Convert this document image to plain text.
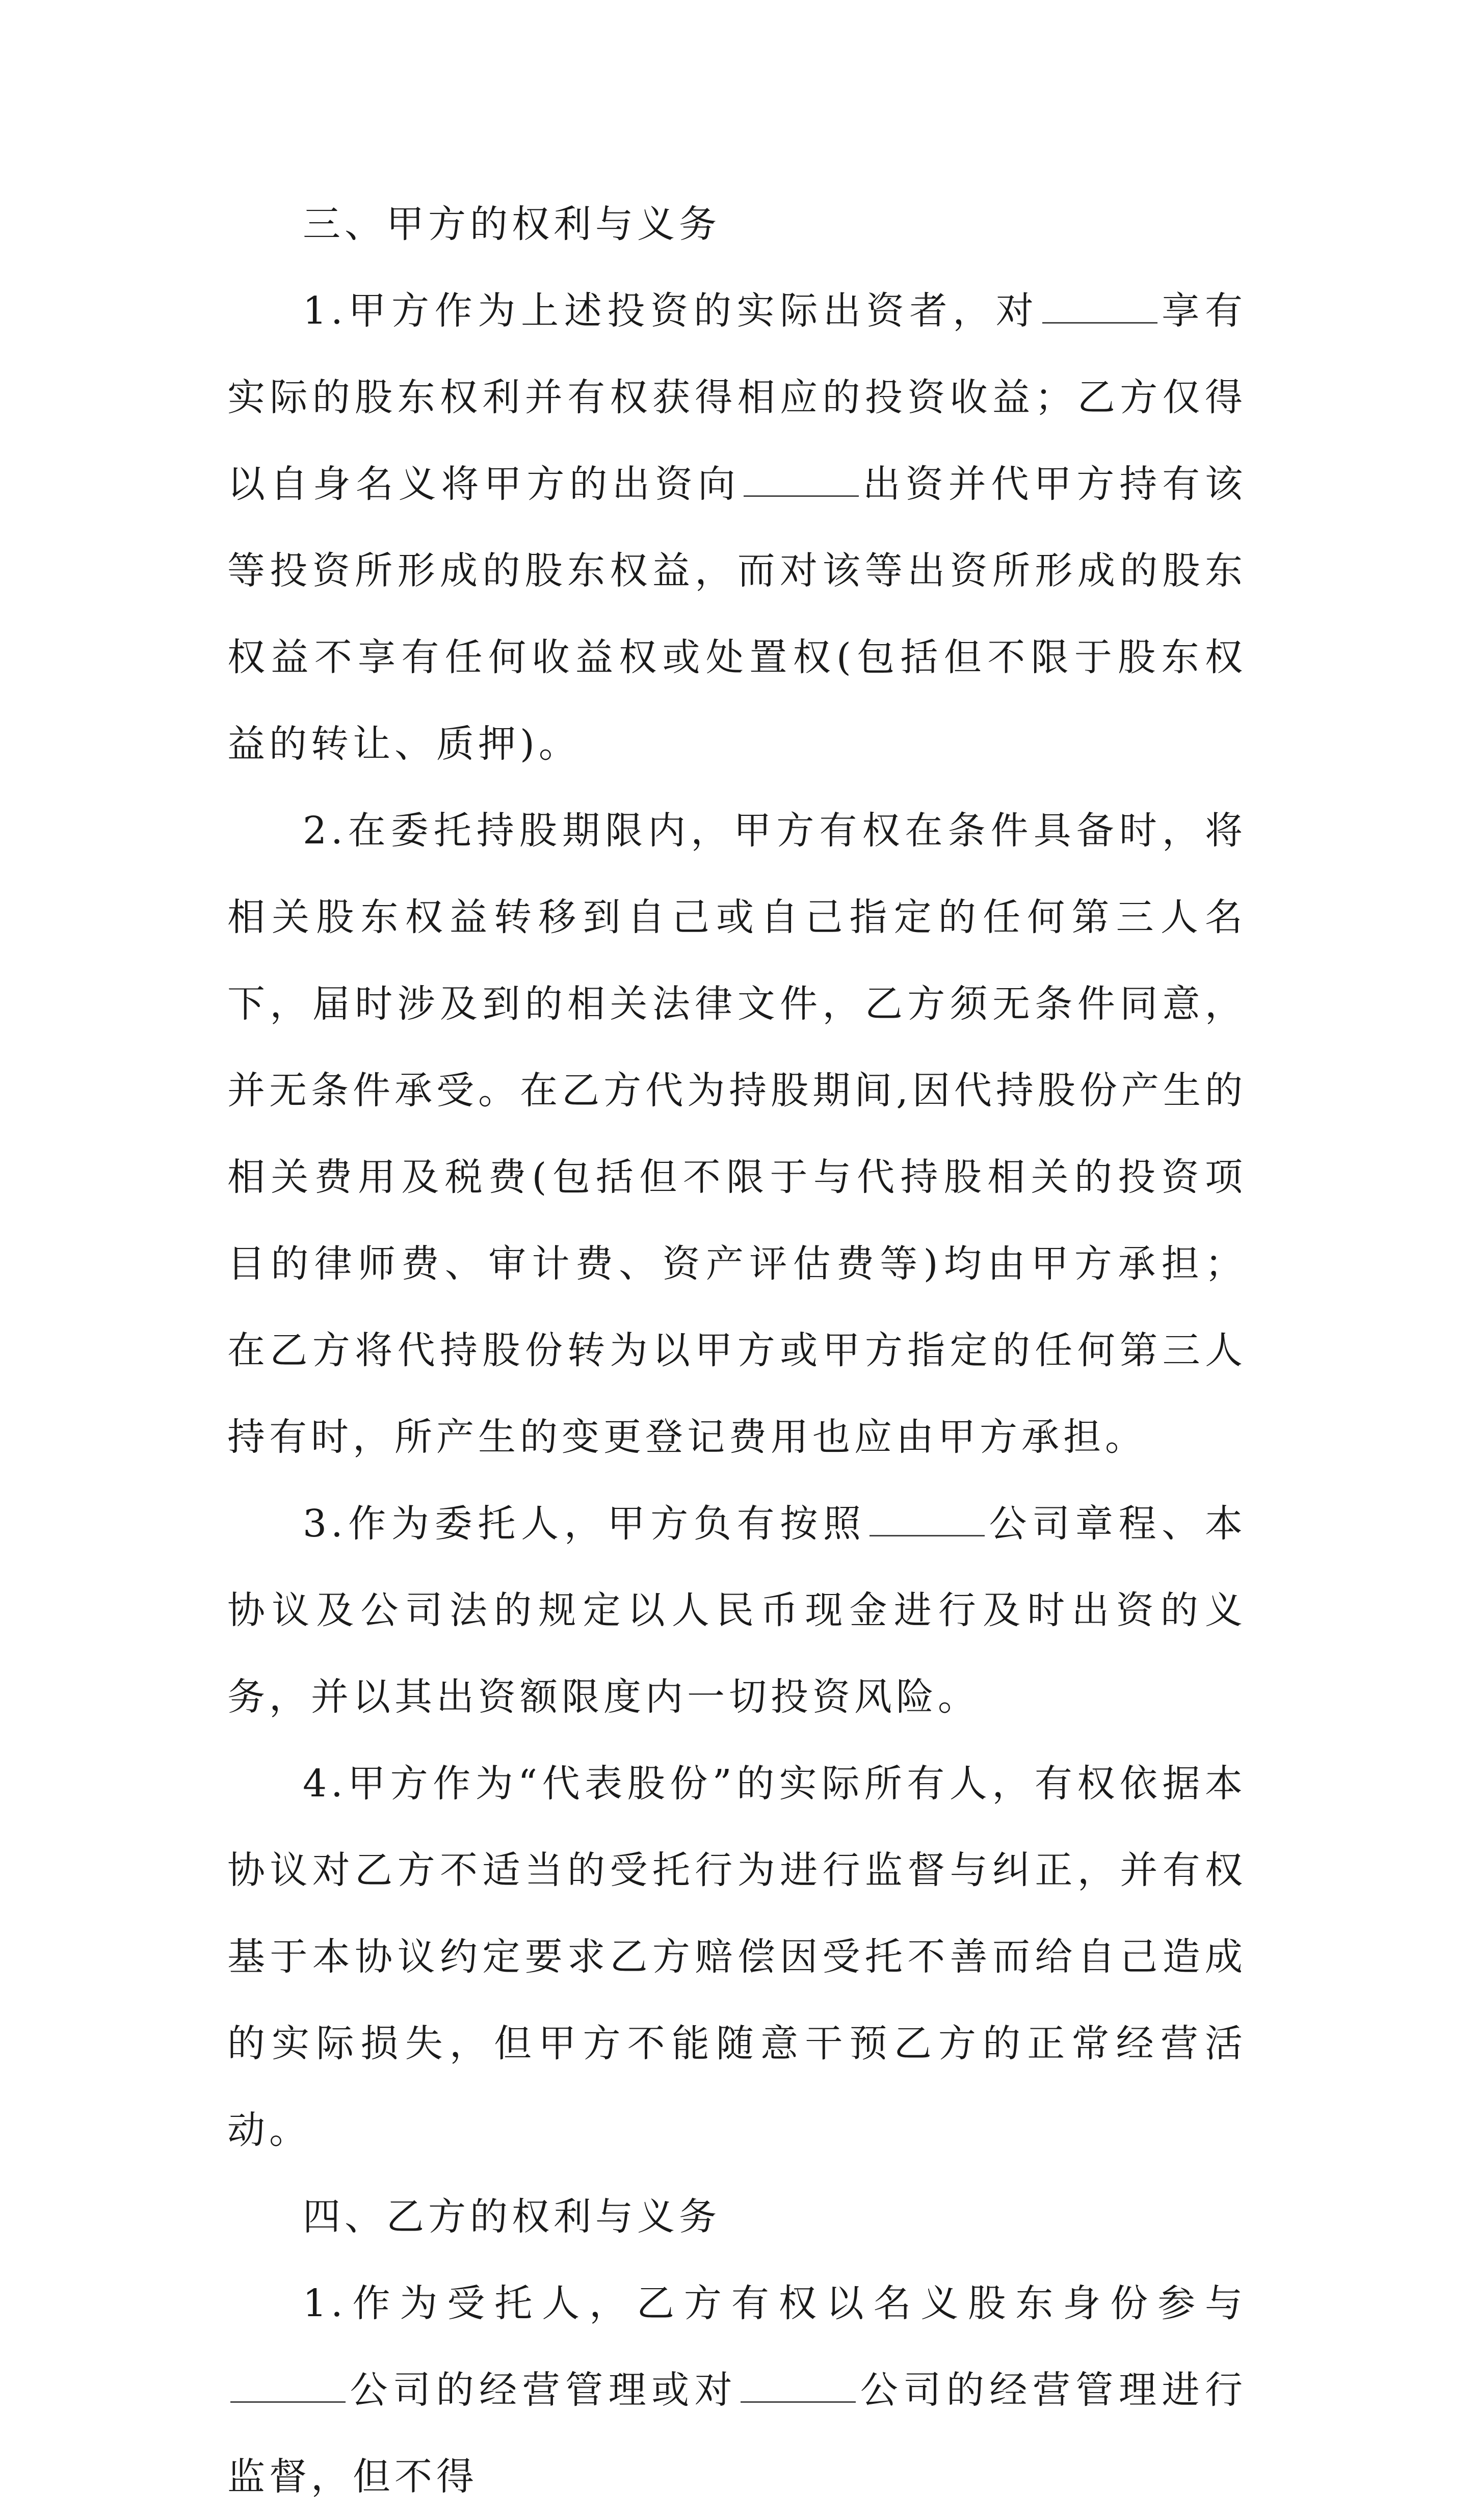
三、甲方的权利与义务

1.甲方作为上述投资的实际出资者，对	享有实际的股东权利并有权获得相应的投资收益；乙方仅得以自身名义将甲方的出资向	出资并代甲方持有该等投资所形成的股东权益，而对该等出资所形成的股东权益不享有任何收益权或处置权(包括但不限于股东权益的转让、质押)。

2.在委托持股期限内，甲方有权在条件具备时，将相关股东权益转移到自己或自己指定的任何第三人名下，届时涉及到的相关法律文件，乙方须无条件同意，并无条件承受。在乙方代为持股期间,因代持股份产生的相关费用及税费(包括但不限于与代持股相关的投资项目的律师费、审计费、资产评估费等)均由甲方承担；在乙方将代持股份转为以甲方或甲方指定的任何第三人持有时，所产生的变更登记费用也应由甲方承担。

3.作为委托人，甲方负有按照	公司章程、本协议及公司法的规定以人民币现金进行及时出资的义务，并以其出资额限度内一切投资风险。

4.甲方作为“代表股份”的实际所有人，有权依据本协议对乙方不适当的受托行为进行监督与纠正，并有权基于本协议约定要求乙方赔偿因受托不善而给自己造成的实际损失，但甲方不能随意干预乙方的正常经营活动。

四、乙方的权利与义务

1.作为受托人，乙方有权以名义股东身份参与公司的经营管理或对	公司的经营管理进行监督，但不得
